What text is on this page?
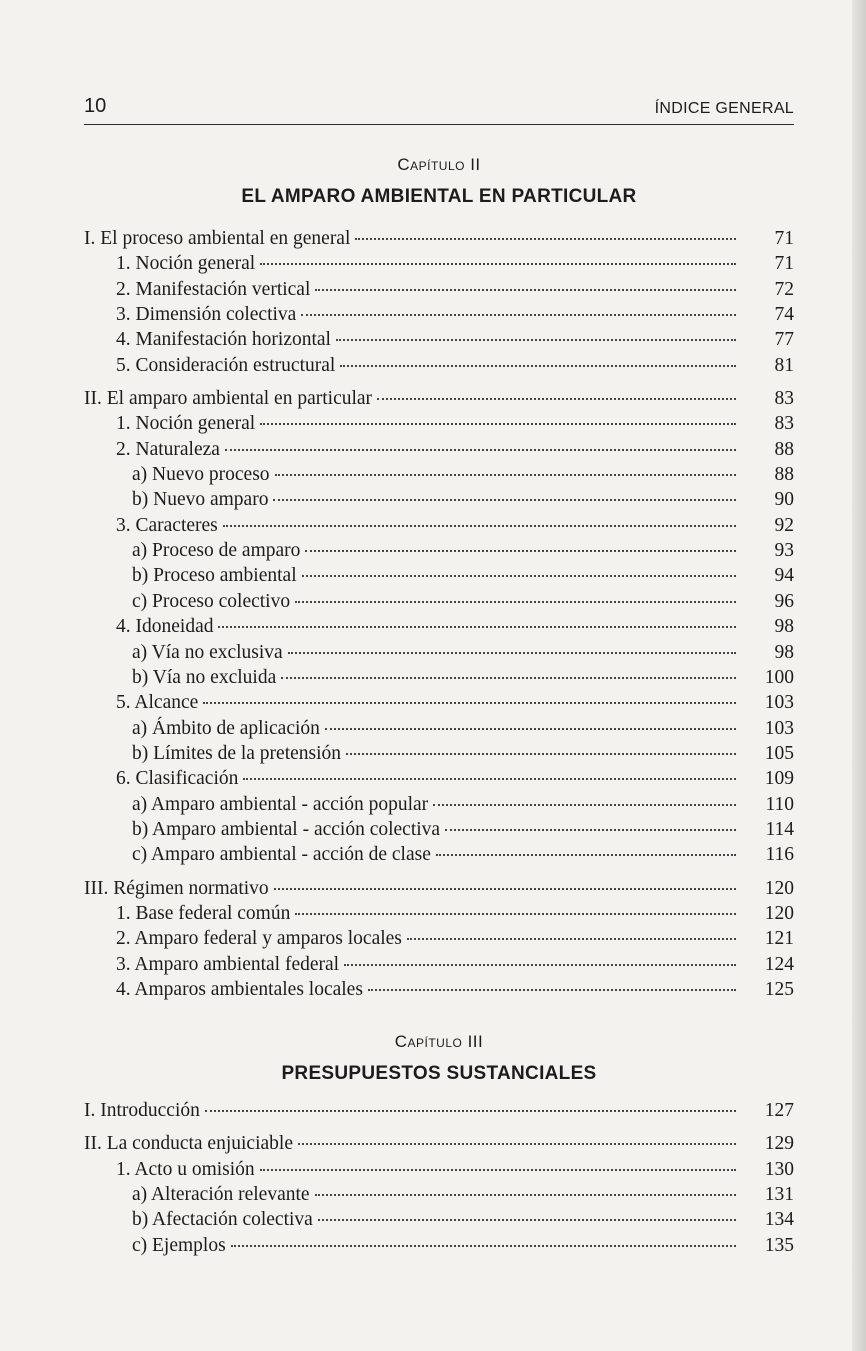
10	ÍNDICE GENERAL
Capítulo II
EL AMPARO AMBIENTAL EN PARTICULAR
I. El proceso ambiental en general	71
1. Noción general	71
2. Manifestación vertical	72
3. Dimensión colectiva	74
4. Manifestación horizontal	77
5. Consideración estructural	81
II. El amparo ambiental en particular	83
1. Noción general	83
2. Naturaleza	88
a) Nuevo proceso	88
b) Nuevo amparo	90
3. Caracteres	92
a) Proceso de amparo	93
b) Proceso ambiental	94
c) Proceso colectivo	96
4. Idoneidad	98
a) Vía no exclusiva	98
b) Vía no excluida	100
5. Alcance	103
a) Ámbito de aplicación	103
b) Límites de la pretensión	105
6. Clasificación	109
a) Amparo ambiental - acción popular	110
b) Amparo ambiental - acción colectiva	114
c) Amparo ambiental - acción de clase	116
III. Régimen normativo	120
1. Base federal común	120
2. Amparo federal y amparos locales	121
3. Amparo ambiental federal	124
4. Amparos ambientales locales	125
Capítulo III
PRESUPUESTOS SUSTANCIALES
I. Introducción	127
II. La conducta enjuiciable	129
1. Acto u omisión	130
a) Alteración relevante	131
b) Afectación colectiva	134
c) Ejemplos	135
